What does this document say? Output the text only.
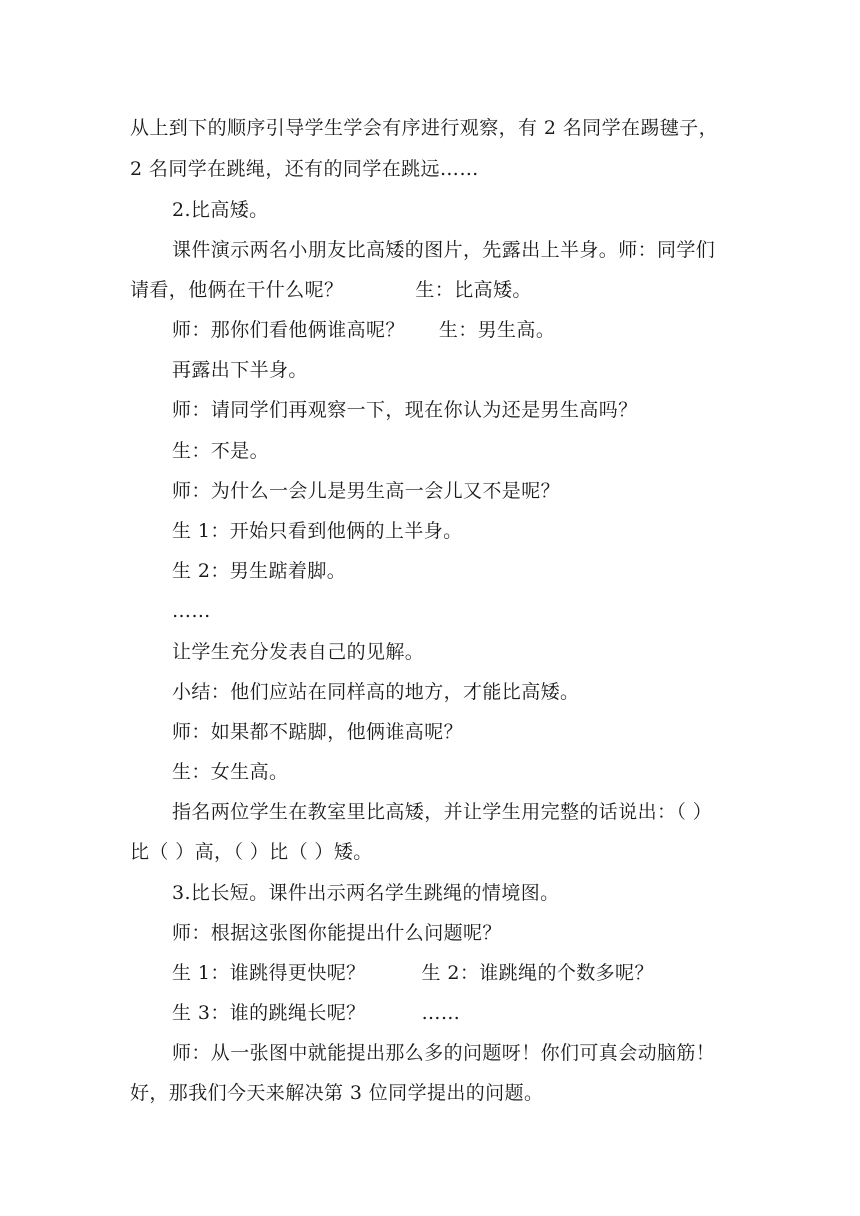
从上到下的顺序引导学生学会有序进行观察，有 2 名同学在踢毽子，
2 名同学在跳绳，还有的同学在跳远……
2.比高矮。
课件演示两名小朋友比高矮的图片，先露出上半身。师：同学们
请看，他俩在干什么呢？	生：比高矮。
师：那你们看他俩谁高呢？ 生：男生高。
再露出下半身。
师：请同学们再观察一下，现在你认为还是男生高吗？
生：不是。
师：为什么一会儿是男生高一会儿又不是呢？
生 1：开始只看到他俩的上半身。
生 2：男生踮着脚。
……
让学生充分发表自己的见解。
小结：他们应站在同样高的地方，才能比高矮。
师：如果都不踮脚，他俩谁高呢？
生：女生高。
指名两位学生在教室里比高矮，并让学生用完整的话说出：（ ）
比（ ）高，（ ）比（ ）矮。
3.比长短。课件出示两名学生跳绳的情境图。
师：根据这张图你能提出什么问题呢？
生 1：谁跳得更快呢？	生 2：谁跳绳的个数多呢？
生 3：谁的跳绳长呢？	……
师：从一张图中就能提出那么多的问题呀！你们可真会动脑筋！
好，那我们今天来解决第 3 位同学提出的问题。
